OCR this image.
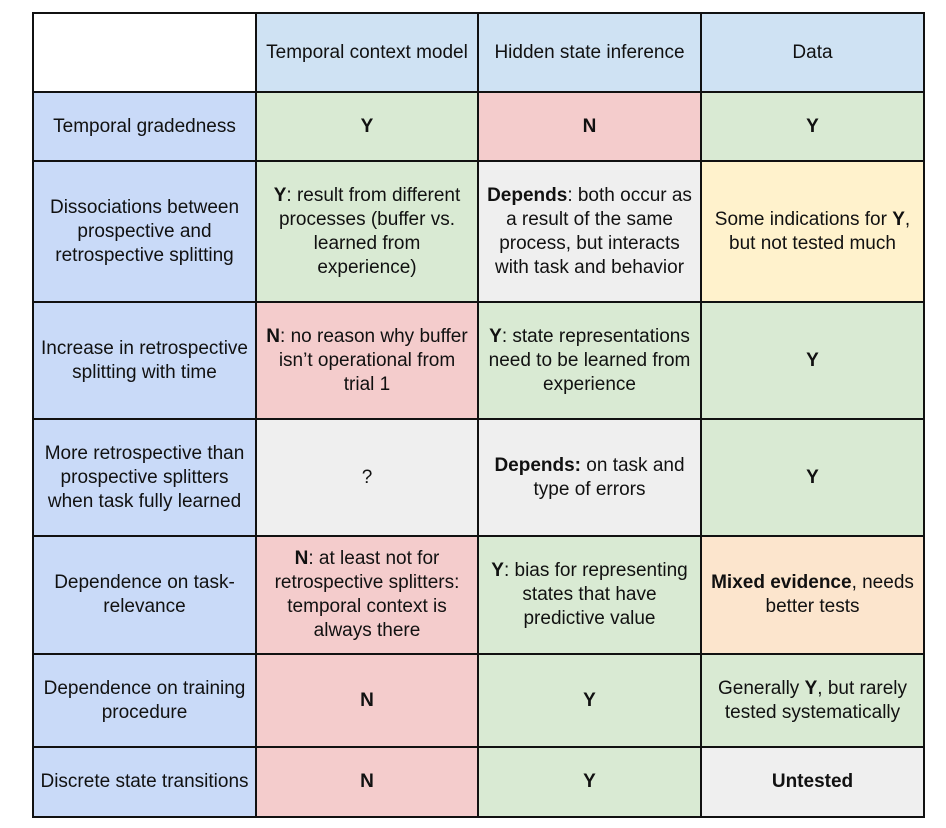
	Temporal context model	Hidden state inference	Data
Temporal gradedness	Y	N	Y
Dissociations between prospective and retrospective splitting	Y: result from different processes (buffer vs. learned from experience)	Depends: both occur as a result of the same process, but interacts with task and behavior	Some indications for Y, but not tested much
Increase in retrospective splitting with time	N: no reason why buffer isn’t operational from trial 1	Y: state representations need to be learned from experience	Y
More retrospective than prospective splitters when task fully learned	?	Depends: on task and type of errors	Y
Dependence on task-relevance	N: at least not for retrospective splitters: temporal context is always there	Y: bias for representing states that have predictive value	Mixed evidence, needs better tests
Dependence on training procedure	N	Y	Generally Y, but rarely tested systematically
Discrete state transitions	N	Y	Untested
